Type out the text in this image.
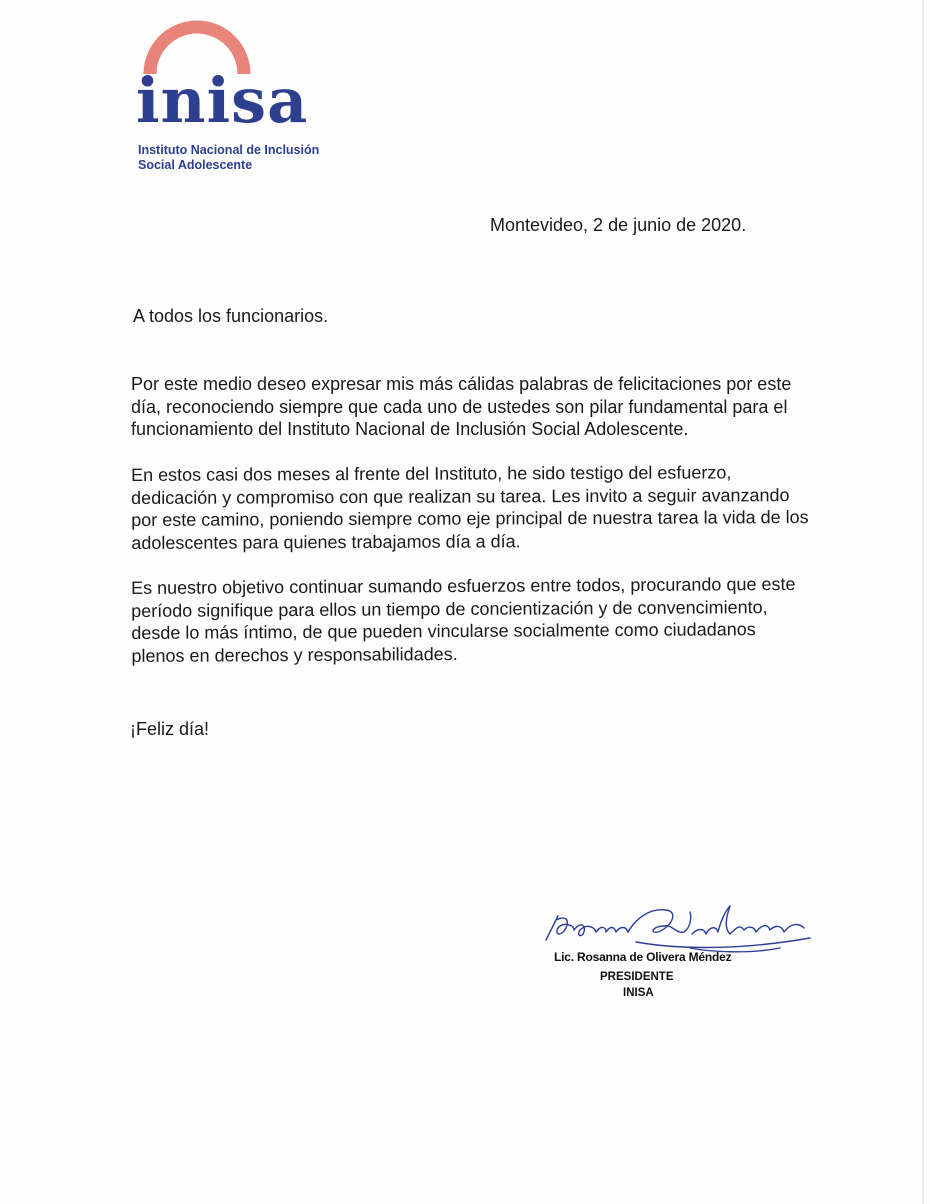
inisa
Instituto Nacional de Inclusión
Social Adolescente
Montevideo, 2 de junio de 2020.
A todos los funcionarios.

Por este medio deseo expresar mis más cálidas palabras de felicitaciones por este
día, reconociendo siempre que cada uno de ustedes son pilar fundamental para el
funcionamiento del Instituto Nacional de Inclusión Social Adolescente.

En estos casi dos meses al frente del Instituto, he sido testigo del esfuerzo,
dedicación y compromiso con que realizan su tarea. Les invito a seguir avanzando
por este camino, poniendo siempre como eje principal de nuestra tarea la vida de los
adolescentes para quienes trabajamos día a día.

Es nuestro objetivo continuar sumando esfuerzos entre todos, procurando que este
período signifique para ellos un tiempo de concientización y de convencimiento,
desde lo más íntimo, de que pueden vincularse socialmente como ciudadanos
plenos en derechos y responsabilidades.

¡Feliz día!
Lic. Rosanna de Olivera Méndez
PRESIDENTE
INISA
